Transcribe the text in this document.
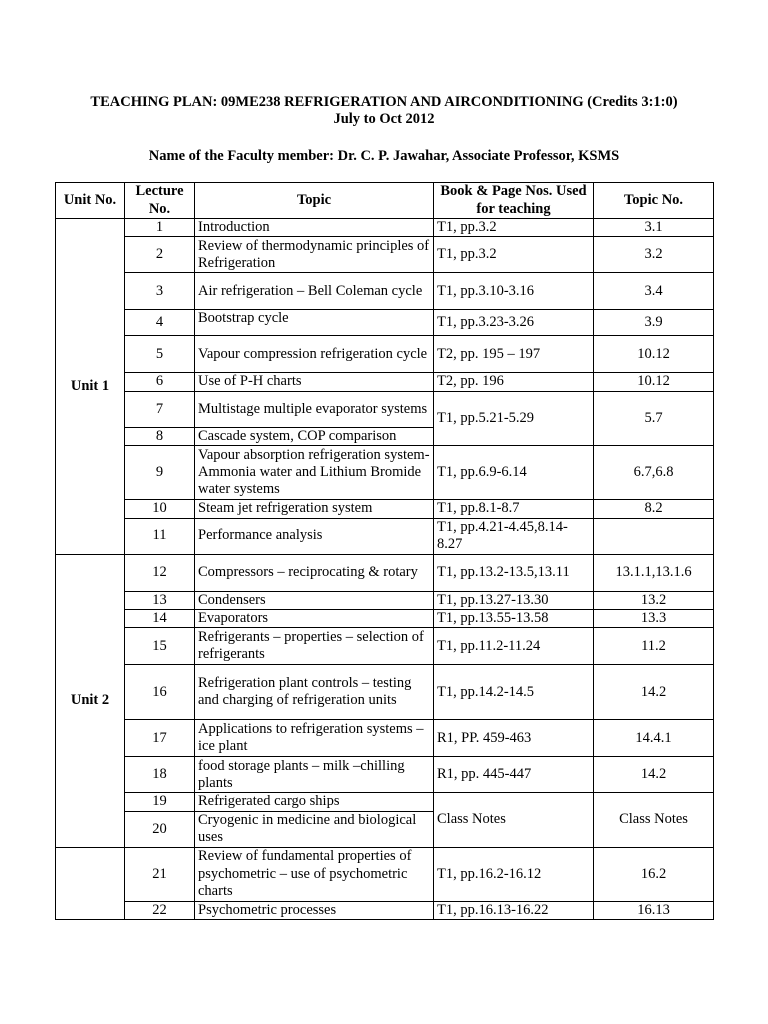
TEACHING PLAN: 09ME238 REFRIGERATION AND AIRCONDITIONING (Credits 3:1:0)
July to Oct 2012
Name of the Faculty member: Dr. C. P. Jawahar, Associate Professor, KSMS
Unit No.	Lecture No.	Topic	Book & Page Nos. Used for teaching	Topic No.
Unit 1	1	Introduction	T1, pp.3.2	3.1
	2	Review of thermodynamic principles of Refrigeration	T1, pp.3.2	3.2
	3	Air refrigeration – Bell Coleman cycle	T1, pp.3.10-3.16	3.4
	4	Bootstrap cycle	T1, pp.3.23-3.26	3.9
	5	Vapour compression refrigeration cycle	T2, pp. 195 – 197	10.12
	6	Use of P-H charts	T2, pp. 196	10.12
	7	Multistage multiple evaporator systems	T1, pp.5.21-5.29	5.7
	8	Cascade system, COP comparison		
	9	Vapour absorption refrigeration system-Ammonia water and Lithium Bromide water systems	T1, pp.6.9-6.14	6.7,6.8
	10	Steam jet refrigeration system	T1, pp.8.1-8.7	8.2
	11	Performance analysis	T1, pp.4.21-4.45,8.14-8.27	
Unit 2	12	Compressors – reciprocating & rotary	T1, pp.13.2-13.5,13.11	13.1.1,13.1.6
	13	Condensers	T1, pp.13.27-13.30	13.2
	14	Evaporators	T1, pp.13.55-13.58	13.3
	15	Refrigerants – properties – selection of refrigerants	T1, pp.11.2-11.24	11.2
	16	Refrigeration plant controls – testing and charging of refrigeration units	T1, pp.14.2-14.5	14.2
	17	Applications to refrigeration systems – ice plant	R1, PP. 459-463	14.4.1
	18	food storage plants – milk –chilling plants	R1, pp. 445-447	14.2
	19	Refrigerated cargo ships	Class Notes	Class Notes
	20	Cryogenic in medicine and biological uses		
	21	Review of fundamental properties of psychometric – use of psychometric charts	T1, pp.16.2-16.12	16.2
	22	Psychometric processes	T1, pp.16.13-16.22	16.13
